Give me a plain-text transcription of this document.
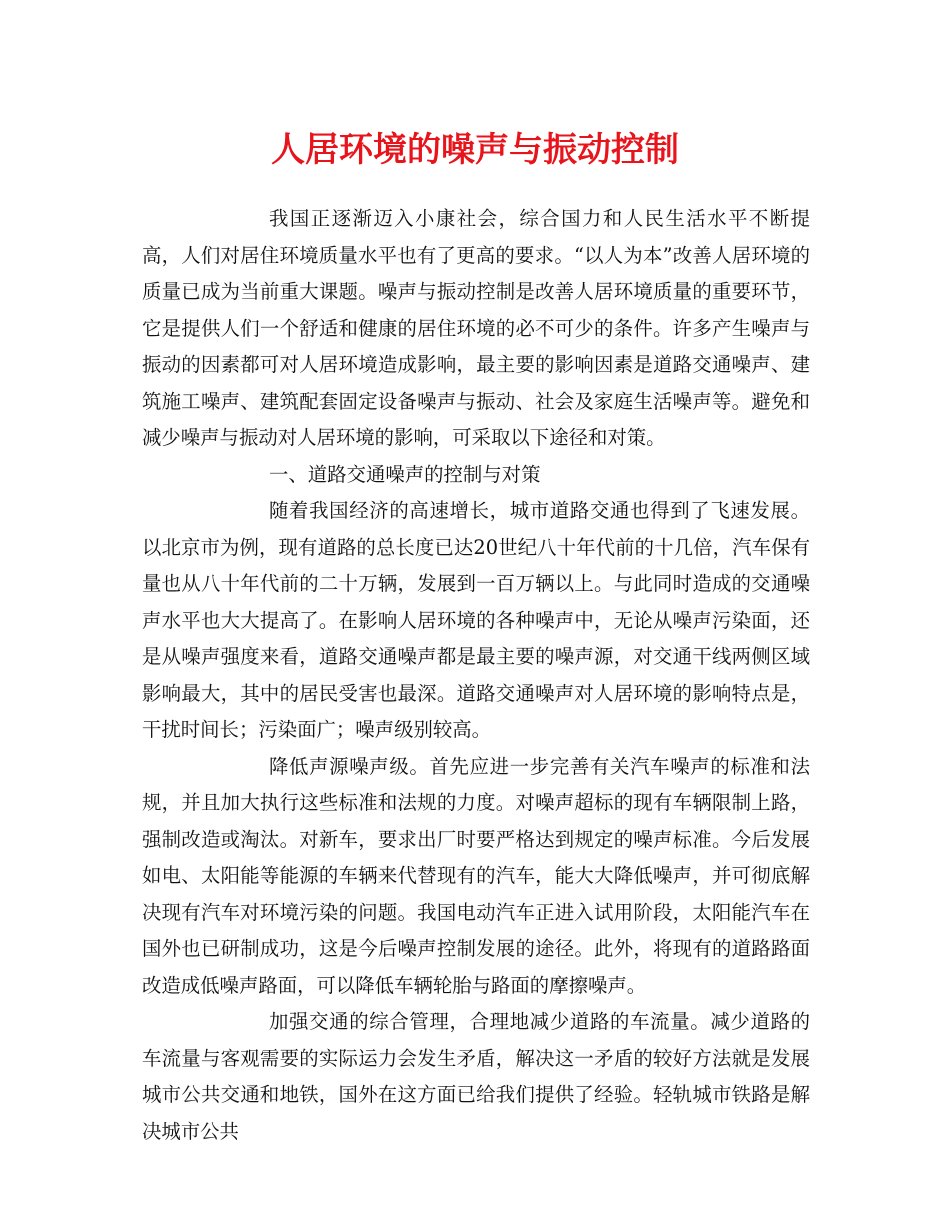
人居环境的噪声与振动控制

我国正逐渐迈入小康社会，综合国力和人民生活水平不断提高，人们对居住环境质量水平也有了更高的要求。“以人为本”改善人居环境的质量已成为当前重大课题。噪声与振动控制是改善人居环境质量的重要环节，它是提供人们一个舒适和健康的居住环境的必不可少的条件。许多产生噪声与振动的因素都可对人居环境造成影响，最主要的影响因素是道路交通噪声、建筑施工噪声、建筑配套固定设备噪声与振动、社会及家庭生活噪声等。避免和减少噪声与振动对人居环境的影响，可采取以下途径和对策。

一、道路交通噪声的控制与对策

随着我国经济的高速增长，城市道路交通也得到了飞速发展。以北京市为例，现有道路的总长度已达20世纪八十年代前的十几倍，汽车保有量也从八十年代前的二十万辆，发展到一百万辆以上。与此同时造成的交通噪声水平也大大提高了。在影响人居环境的各种噪声中，无论从噪声污染面，还是从噪声强度来看，道路交通噪声都是最主要的噪声源，对交通干线两侧区域影响最大，其中的居民受害也最深。道路交通噪声对人居环境的影响特点是，干扰时间长；污染面广；噪声级别较高。

降低声源噪声级。首先应进一步完善有关汽车噪声的标准和法规，并且加大执行这些标准和法规的力度。对噪声超标的现有车辆限制上路，强制改造或淘汰。对新车，要求出厂时要严格达到规定的噪声标准。今后发展如电、太阳能等能源的车辆来代替现有的汽车，能大大降低噪声，并可彻底解决现有汽车对环境污染的问题。我国电动汽车正进入试用阶段，太阳能汽车在国外也已研制成功，这是今后噪声控制发展的途径。此外，将现有的道路路面改造成低噪声路面，可以降低车辆轮胎与路面的摩擦噪声。

加强交通的综合管理，合理地减少道路的车流量。减少道路的车流量与客观需要的实际运力会发生矛盾，解决这一矛盾的较好方法就是发展城市公共交通和地铁，国外在这方面已给我们提供了经验。轻轨城市铁路是解决城市公共
